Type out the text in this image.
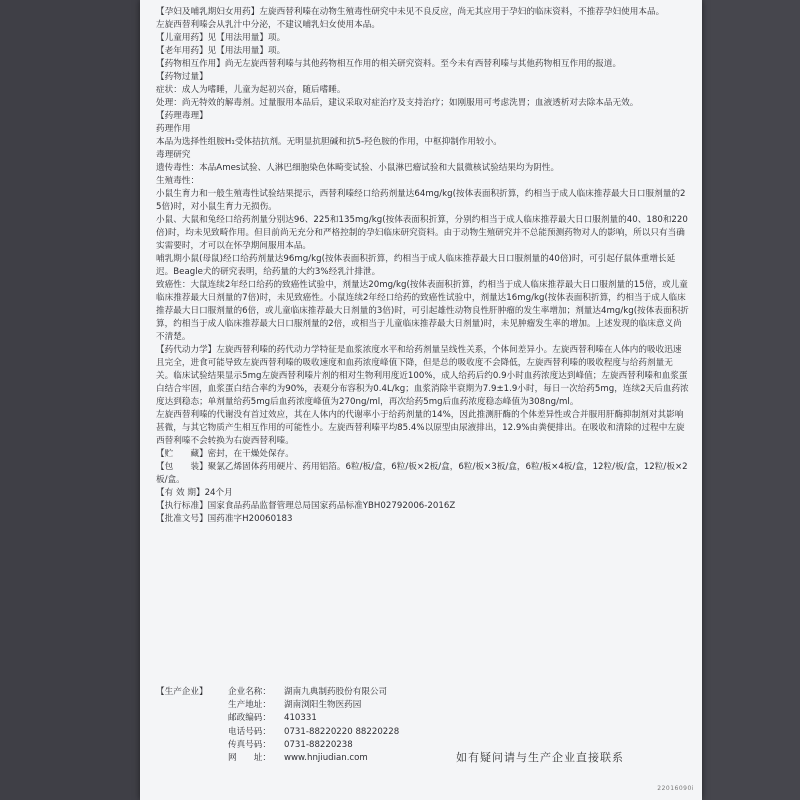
【孕妇及哺乳期妇女用药】左旋西替利嗪在动物生殖毒性研究中未见不良反应，尚无其应用于孕妇的临床资料，不推荐孕妇使用本品。

左旋西替利嗪会从乳汁中分泌，不建议哺乳妇女使用本品。

【儿童用药】见【用法用量】项。

【老年用药】见【用法用量】项。

【药物相互作用】尚无左旋西替利嗪与其他药物相互作用的相关研究资料。至今未有西替利嗪与其他药物相互作用的报道。

【药物过量】

症状：成人为嗜睡，儿童为起初兴奋，随后嗜睡。

处理：尚无特效的解毒剂。过量服用本品后，建议采取对症治疗及支持治疗；如刚服用可考虑洗胃；血液透析对去除本品无效。

【药理毒理】

药理作用

本品为选择性组胺H₁受体拮抗剂。无明显抗胆碱和抗5-羟色胺的作用，中枢抑制作用较小。

毒理研究

遗传毒性：本品Ames试验、人淋巴细胞染色体畸变试验、小鼠淋巴瘤试验和大鼠微核试验结果均为阴性。

生殖毒性：

小鼠生育力和一般生殖毒性试验结果提示，西替利嗪经口给药剂量达64mg/kg(按体表面积折算，约相当于成人临床推荐最大日口服剂量的25倍)时，对小鼠生育力无损伤。

小鼠、大鼠和兔经口给药剂量分别达96、225和135mg/kg(按体表面积折算，分别约相当于成人临床推荐最大日口服剂量的40、180和220倍)时，均未见致畸作用。但目前尚无充分和严格控制的孕妇临床研究资料。由于动物生殖研究并不总能预测药物对人的影响，所以只有当确实需要时，才可以在怀孕期间服用本品。

哺乳期小鼠(母鼠)经口给药剂量达96mg/kg(按体表面积折算，约相当于成人临床推荐最大日口服剂量的40倍)时，可引起仔鼠体重增长延迟。Beagle犬的研究表明，给药量的大约3%经乳汁排泄。

致癌性：大鼠连续2年经口给药的致癌性试验中，剂量达20mg/kg(按体表面积折算，约相当于成人临床推荐最大日口服剂量的15倍，或儿童临床推荐最大日剂量的7倍)时，未见致癌性。小鼠连续2年经口给药的致癌性试验中，剂量达16mg/kg(按体表面积折算，约相当于成人临床推荐最大日口服剂量的6倍，或儿童临床推荐最大日剂量的3倍)时，可引起雄性动物良性肝肿瘤的发生率增加；剂量达4mg/kg(按体表面积折算，约相当于成人临床推荐最大日口服剂量的2倍，或相当于儿童临床推荐最大日剂量)时，未见肿瘤发生率的增加。上述发现的临床意义尚不清楚。

【药代动力学】左旋西替利嗪的药代动力学特征是血浆浓度水平和给药剂量呈线性关系，个体间差异小。左旋西替利嗪在人体内的吸收迅速且完全，进食可能导致左旋西替利嗪的吸收速度和血药浓度峰值下降，但是总的吸收度不会降低，左旋西替利嗪的吸收程度与给药剂量无关。临床试验结果显示5mg左旋西替利嗪片剂的相对生物利用度近100%，成人给药后约0.9小时血药浓度达到峰值；左旋西替利嗪和血浆蛋白结合牢固，血浆蛋白结合率约为90%，表观分布容积为0.4L/kg；血浆消除半衰期为7.9±1.9小时，每日一次给药5mg，连续2天后血药浓度达到稳态；单剂量给药5mg后血药浓度峰值为270ng/ml，再次给药5mg后血药浓度稳态峰值为308ng/ml。

左旋西替利嗪的代谢没有首过效应，其在人体内的代谢率小于给药剂量的14%，因此推测肝酶的个体差异性或合并服用肝酶抑制剂对其影响甚微，与其它物质产生相互作用的可能性小。左旋西替利嗪平均85.4%以原型由尿液排出，12.9%由粪便排出。在吸收和清除的过程中左旋西替利嗪不会转换为右旋西替利嗪。

【贮　　藏】密封，在干燥处保存。

【包　　装】聚氯乙烯固体药用硬片、药用铝箔。6粒/板/盒，6粒/板×2板/盒，6粒/板×3板/盒，6粒/板×4板/盒，12粒/板/盒，12粒/板×2板/盒。

【有 效 期】24个月

【执行标准】国家食品药品监督管理总局国家药品标准YBH02792006-2016Z

【批准文号】国药准字H20060183

【生产企业】	企业名称：	湖南九典制药股份有限公司
生产地址：	湖南浏阳生物医药园
邮政编码：	410331
电话号码：	0731-88220220 88220228
传真号码：	0731-88220238
网　　址：	www.hnjiudian.com	如有疑问请与生产企业直接联系
22016090i
